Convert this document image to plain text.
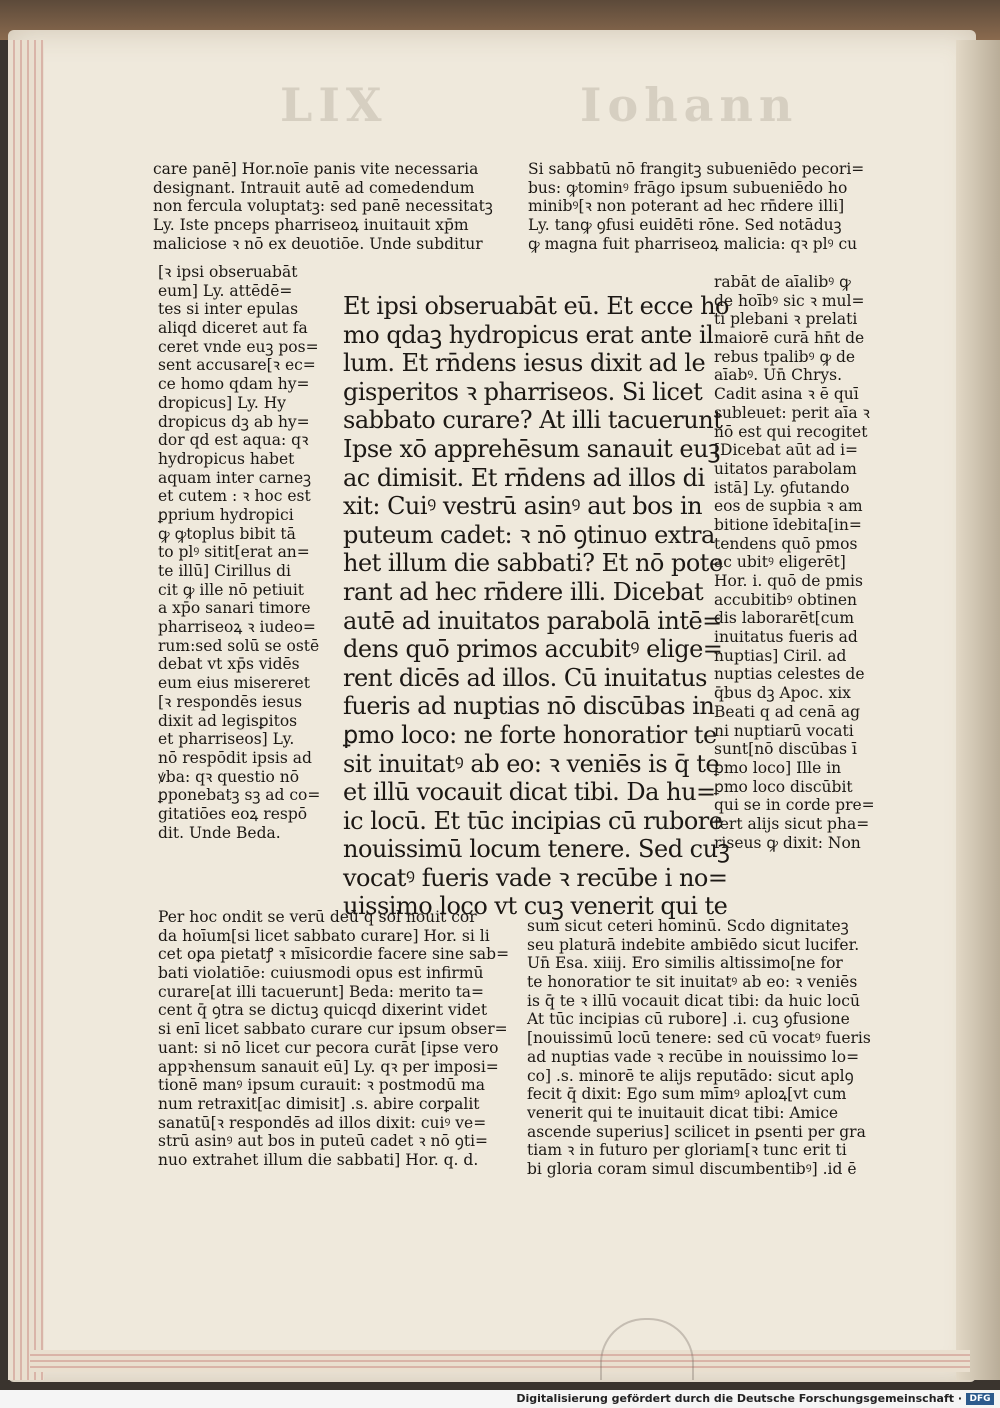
LIX	Iohann
care panē] Hor.noīe panis vite necessaria
designant. Intrauit autē ad comedendum
non fercula voluptatꝫ: sed panē necessitatꝫ
Ly. Iste pnceps pharriseoꝝ inuitauit xp̄m
maliciose ꝛ nō ex deuotiōe. Unde subditur
[ꝛ ipsi obseruabāt
eum] Ly. attēdē=
tes si inter epulas
aliqd diceret aut fa
ceret vnde euꝫ pos=
sent accusare[ꝛ ec=
ce homo qdam hy=
dropicus] Ly. Hy
dropicus dꝫ ab hy=
dor qd est aqua: qꝛ
hydropicus habet
aquam inter carneꝫ
et cutem : ꝛ hoc est
ꝑprium hydropici
ꝙ ꝙtoplus bibit tā
to plꝰ sitit[erat an=
te illū] Cirillus di
cit ꝙ ille nō petiuit
a xp̄o sanari timore
pharriseoꝝ ꝛ iudeo=
rum:sed solū se ostē
debat vt xp̄s vidēs
eum eius misereret
[ꝛ respondēs iesus
dixit ad legisꝑitos
et pharriseos] Ly.
nō respōdit ipsis ad
ꝟba: qꝛ questio nō
ꝑponebatꝫ sꝫ ad co=
gitatiōes eoꝝ respō
dit. Unde Beda.
Et ipsi obseruabāt eū. Et ecce ho
mo qdaꝫ hydropicus erat ante il
lum. Et rn̄dens iesus dixit ad le
gisperitos ꝛ pharriseos. Si licet
sabbato curare? At illi tacuerunt
Ipse xō apprehēsum sanauit euꝫ
ac dimisit. Et rn̄dens ad illos di
xit: Cuiꝰ vestrū asinꝰ aut bos in
puteum cadet: ꝛ nō ꝯtinuo extra
het illum die sabbati? Et nō pote
rant ad hec rn̄dere illi. Dicebat
autē ad inuitatos parabolā intē=
dens quō primos accubitꝰ elige=
rent dicēs ad illos. Cū inuitatus
fueris ad nuptias nō discūbas in
ꝑmo loco: ne forte honoratior te
sit inuitatꝰ ab eo: ꝛ veniēs is q̄ te
et illū vocauit dicat tibi. Da hu=
ic locū. Et tūc incipias cū rubore
nouissimū locum tenere. Sed cuꝫ
vocatꝰ fueris vade ꝛ recūbe i no=
uissimo loco vt cuꝫ venerit qui te
Si sabbatū nō frangitꝫ subueniēdo pecori=
bus: ꝙtominꝰ frāgo ipsum subueniēdo ho
minibꝰ[ꝛ non poterant ad hec rn̄dere illi]
Ly. tanꝙ ꝯfusi euidēti rōne. Sed notāduꝫ
ꝙ magna fuit pharriseoꝝ malicia: qꝛ plꝰ cu
rabāt de aīalibꝰ ꝙ
de hoībꝰ sic ꝛ mul=
ti plebani ꝛ prelati
maiorē curā hn̄t de
rebus tpalibꝰ ꝙ de
aīabꝰ. Un̄ Chrys.
Cadit asina ꝛ ē quī
subleuet: perit aīa ꝛ
nō est qui recogitet
[Dicebat aūt ad i=
uitatos parabolam
istā] Ly. ꝯfutando
eos de supbia ꝛ am
bitione īdebita[in=
tendens quō pmos
ac ubitꝰ eligerēt]
Hor. i. quō de pmis
accubitibꝰ obtinen
dis laborarēt[cum
inuitatus fueris ad
nuptias] Ciril. ad
nuptias celestes de
q̄bus dꝫ Apoc. xix
Beati q ad cenā ag
ni nuptiarū vocati
sunt[nō discūbas ī
ꝑmo loco] Ille in
ꝑmo loco discūbit
qui se in corde pre=
fert alijs sicut pha=
riseus ꝙ dixit: Non
Per hoc ondit se verū deū q sol nouit cor
da hoīum[si licet sabbato curare] Hor. si li
cet oꝑa pietatꝭ ꝛ mīsicordie facere sine sab=
bati violatiōe: cuiusmodi opus est infirmū
curare[at illi tacuerunt] Beda: merito ta=
cent q̄ ꝯtra se dictuꝫ quicqd dixerint videt
si enī licet sabbato curare cur ipsum obser=
uant: si nō licet cur pecora curāt [ipse vero
appꝛhensum sanauit eū] Ly. qꝛ per imposi=
tionē manꝰ ipsum curauit: ꝛ postmodū ma
num retraxit[ac dimisit] .s. abire corꝑalit
sanatū[ꝛ respondēs ad illos dixit: cuiꝰ ve=
strū asinꝰ aut bos in puteū cadet ꝛ nō ꝯti=
nuo extrahet illum die sabbati] Hor. q. d.
sum sicut ceteri hominū. Scdo dignitateꝫ
seu platurā indebite ambiēdo sicut lucifer.
Un̄ Esa. xiiij. Ero similis altissimo[ne for
te honoratior te sit inuitatꝰ ab eo: ꝛ veniēs
is q̄ te ꝛ illū vocauit dicat tibi: da huic locū
At tūc incipias cū rubore] .i. cuꝫ ꝯfusione
[nouissimū locū tenere: sed cū vocatꝰ fueris
ad nuptias vade ꝛ recūbe in nouissimo lo=
co] .s. minorē te alijs reputādo: sicut aplꝯ
fecit q̄ dixit: Ego sum mīmꝰ aploꝝ[vt cum
venerit qui te inuitauit dicat tibi: Amice
ascende superius] scilicet in ꝑsenti per gra
tiam ꝛ in futuro per gloriam[ꝛ tunc erit ti
bi gloria coram simul discumbentibꝰ] .id ē
Digitalisierung gefördert durch die Deutsche Forschungsgemeinschaft · DFG
